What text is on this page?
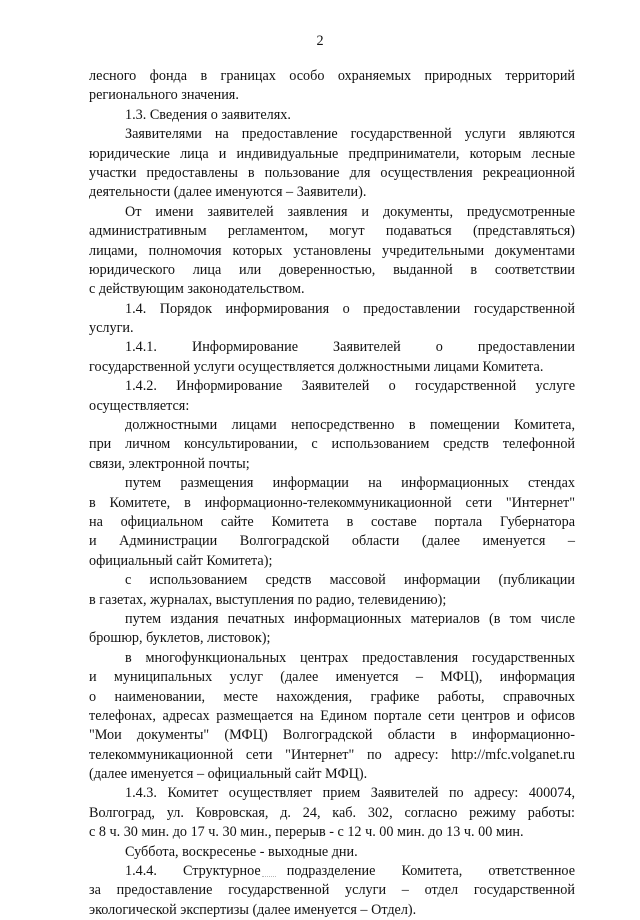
2
лесного фонда в границах особо охраняемых природных территорий
регионального значения.
1.3. Сведения о заявителях.
Заявителями на предоставление государственной услуги являются
юридические лица и индивидуальные предприниматели, которым лесные
участки предоставлены в пользование для осуществления рекреационной
деятельности (далее именуются – Заявители).
От имени заявителей заявления и документы, предусмотренные
административным регламентом, могут подаваться (представляться)
лицами, полномочия которых установлены учредительными документами
юридического лица или доверенностью, выданной в соответствии
с действующим законодательством.
1.4. Порядок информирования о предоставлении государственной
услуги.
1.4.1. Информирование Заявителей о предоставлении
государственной услуги осуществляется должностными лицами Комитета.
1.4.2. Информирование Заявителей о государственной услуге
осуществляется:
должностными лицами непосредственно в помещении Комитета,
при личном консультировании, с использованием средств телефонной
связи, электронной почты;
путем размещения информации на информационных стендах
в Комитете, в информационно-телекоммуникационной сети "Интернет"
на официальном сайте Комитета в составе портала Губернатора
и Администрации Волгоградской области (далее именуется –
официальный сайт Комитета);
с использованием средств массовой информации (публикации
в газетах, журналах, выступления по радио, телевидению);
путем издания печатных информационных материалов (в том числе
брошюр, буклетов, листовок);
в многофункциональных центрах предоставления государственных
и муниципальных услуг (далее именуется – МФЦ), информация
о наименовании, месте нахождения, графике работы, справочных
телефонах, адресах размещается на Едином портале сети центров и офисов
"Мои документы" (МФЦ) Волгоградской области в информационно-
телекоммуникационной сети "Интернет" по адресу: http://mfc.volganet.ru
(далее именуется – официальный сайт МФЦ).
1.4.3. Комитет осуществляет прием Заявителей по адресу: 400074,
Волгоград, ул. Ковровская, д. 24, каб. 302, согласно режиму работы:
с 8 ч. 30 мин. до 17 ч. 30 мин., перерыв - с 12 ч. 00 мин. до 13 ч. 00 мин.
Суббота, воскресенье - выходные дни.
1.4.4. Структурное подразделение Комитета, ответственное
за предоставление государственной услуги – отдел государственной
экологической экспертизы (далее именуется – Отдел).
